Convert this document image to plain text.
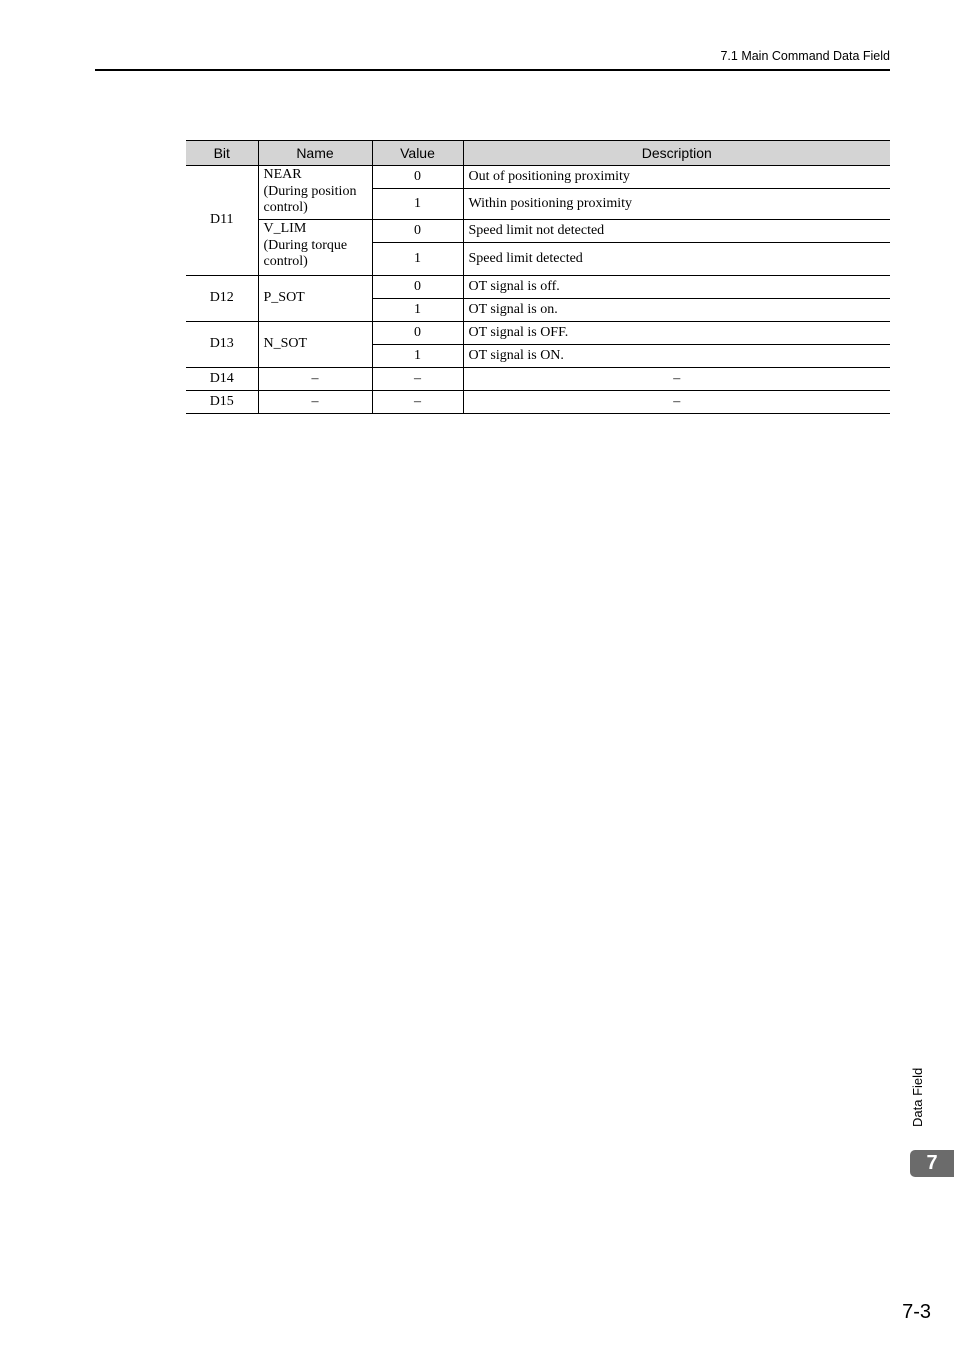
7.1 Main Command Data Field
Bit	Name	Value	Description
D11	NEAR
(During position
control)	0	Out of positioning proximity
		1	Within positioning proximity
	V_LIM
(During torque
control)	0	Speed limit not detected
		1	Speed limit detected
D12	P_SOT	0	OT signal is off.
		1	OT signal is on.
D13	N_SOT	0	OT signal is OFF.
		1	OT signal is ON.
D14	–	–	–
D15	–	–	–
Data Field
7
7-3
